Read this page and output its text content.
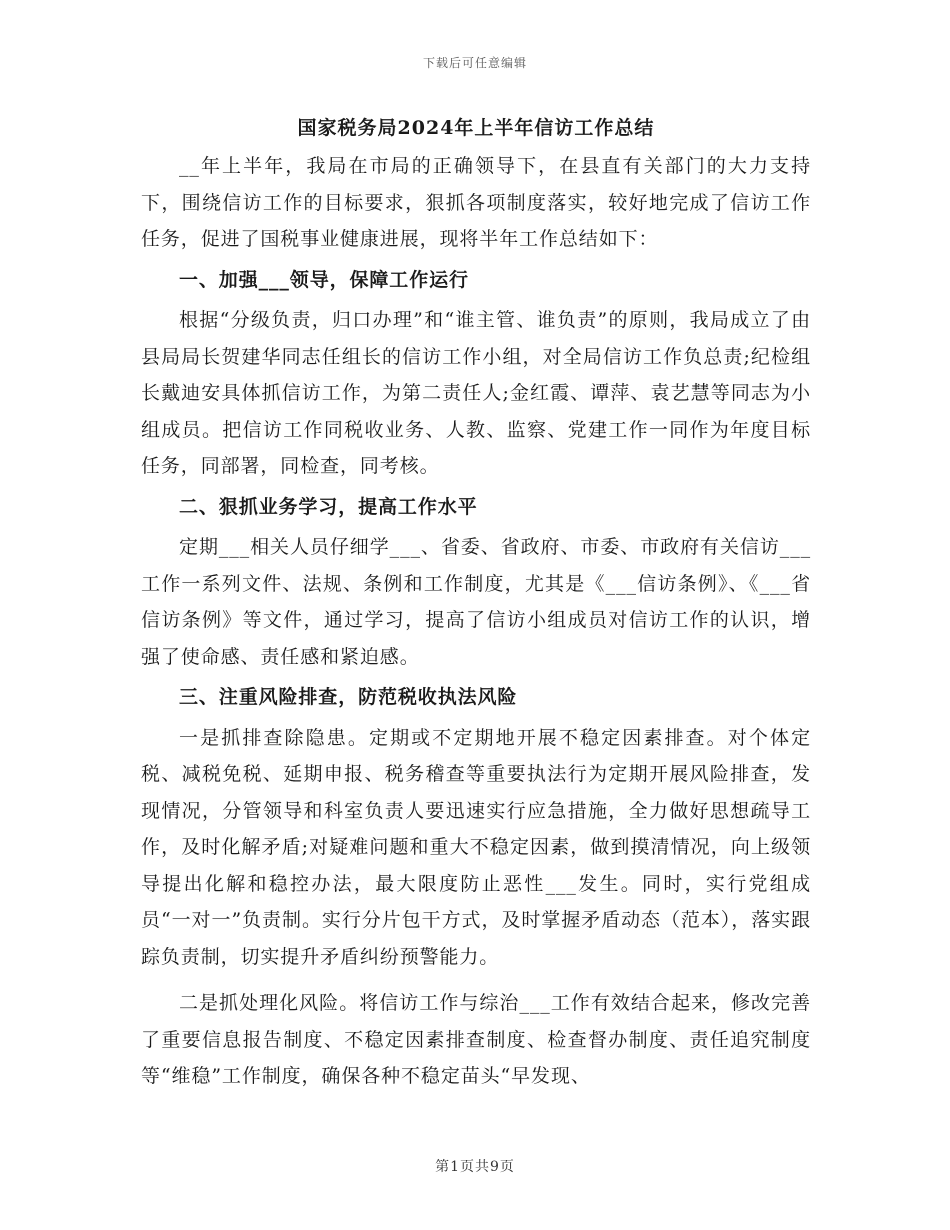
下载后可任意编辑
国家税务局2024年上半年信访工作总结

__年上半年，我局在市局的正确领导下，在县直有关部门的大力支持下，围绕信访工作的目标要求，狠抓各项制度落实，较好地完成了信访工作任务，促进了国税事业健康进展，现将半年工作总结如下：

一、加强___领导，保障工作运行

根据“分级负责，归口办理”和“谁主管、谁负责”的原则，我局成立了由县局局长贺建华同志任组长的信访工作小组，对全局信访工作负总责;纪检组长戴迪安具体抓信访工作，为第二责任人;金红霞、谭萍、袁艺慧等同志为小组成员。把信访工作同税收业务、人教、监察、党建工作一同作为年度目标任务，同部署，同检查，同考核。

二、狠抓业务学习，提高工作水平

定期___相关人员仔细学___、省委、省政府、市委、市政府有关信访___工作一系列文件、法规、条例和工作制度，尤其是《___信访条例》、《___省信访条例》等文件，通过学习，提高了信访小组成员对信访工作的认识，增强了使命感、责任感和紧迫感。

三、注重风险排查，防范税收执法风险

一是抓排查除隐患。定期或不定期地开展不稳定因素排查。对个体定税、减税免税、延期申报、税务稽查等重要执法行为定期开展风险排查，发现情况，分管领导和科室负责人要迅速实行应急措施，全力做好思想疏导工作，及时化解矛盾;对疑难问题和重大不稳定因素，做到摸清情况，向上级领导提出化解和稳控办法，最大限度防止恶性___发生。同时，实行党组成员“一对一”负责制。实行分片包干方式，及时掌握矛盾动态（范本），落实跟踪负责制，切实提升矛盾纠纷预警能力。

二是抓处理化风险。将信访工作与综治___工作有效结合起来，修改完善了重要信息报告制度、不稳定因素排查制度、检查督办制度、责任追究制度等“维稳”工作制度，确保各种不稳定苗头“早发现、

第1页共9页
